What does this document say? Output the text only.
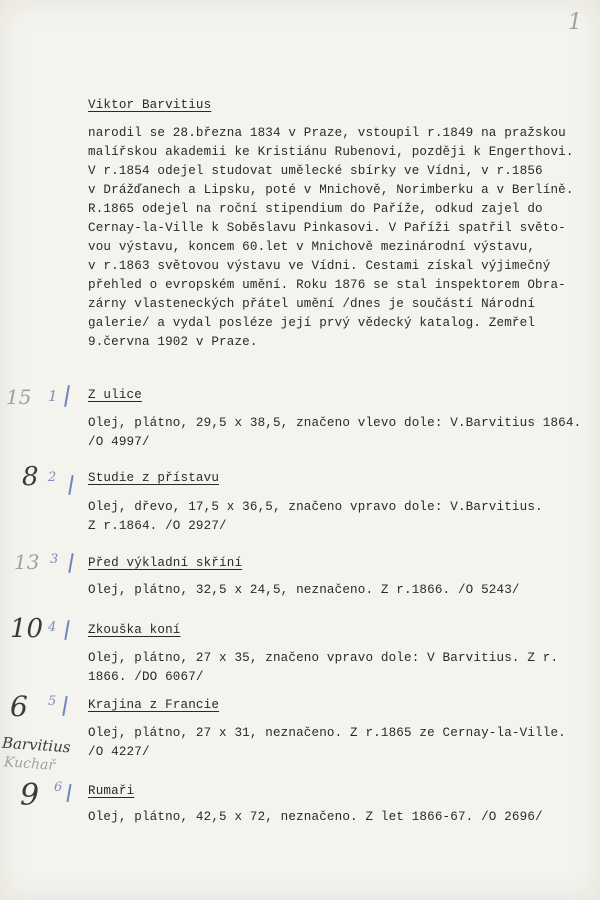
1
Viktor Barvitius
narodil se 28.března 1834 v Praze, vstoupil r.1849 na pražskou
malířskou akademii ke Kristiánu Rubenovi, později k Engerthovi.
V r.1854 odejel studovat umělecké sbírky ve Vídni, v r.1856
v Drážďanech a Lipsku, poté v Mnichově, Norimberku a v Berlíně.
R.1865 odejel na roční stipendium do Paříže, odkud zajel do
Cernay-la-Ville k Soběslavu Pinkasovi. V Paříži spatřil světo-
vou výstavu, koncem 60.let v Mnichově mezinárodní výstavu,
v r.1863 světovou výstavu ve Vídni. Cestami získal výjimečný
přehled o evropském umění. Roku 1876 se stal inspektorem Obra-
zárny vlasteneckých přátel umění /dnes je součástí Národní
galerie/ a vydal posléze její prvý vědecký katalog. Zemřel
9.června 1902 v Praze.
15 1 Z ulice
Olej, plátno, 29,5 x 38,5, značeno vlevo dole: V.Barvitius 1864.
/O 4997/
8 2	Studie z přístavu
Olej, dřevo, 17,5 x 36,5, značeno vpravo dole: V.Barvitius.
Z r.1864. /O 2927/
13 3 Před výkladní skříní
Olej, plátno, 32,5 x 24,5, neznačeno. Z r.1866. /O 5243/
10 4	Zkouška koní
Olej, plátno, 27 x 35, značeno vpravo dole: V Barvitius. Z r.
1866. /DO 6067/
6 5	Krajina z Francie
Olej, plátno, 27 x 31, neznačeno. Z r.1865 ze Cernay-la-Ville.
/O 4227/
Barvitius
Kuchař
9 6 Rumaři
Olej, plátno, 42,5 x 72, neznačeno. Z let 1866-67. /O 2696/
